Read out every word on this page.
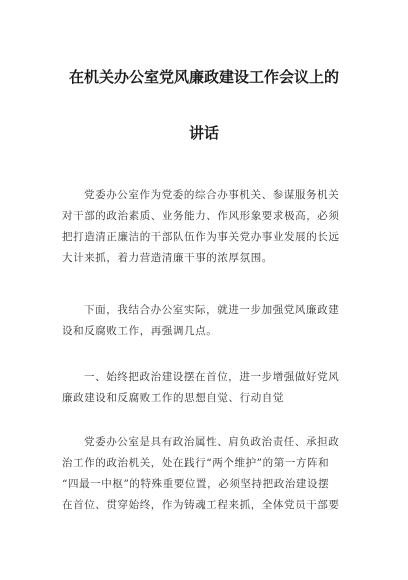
在机关办公室党风廉政建设工作会议上的
讲话
党委办公室作为党委的综合办事机关、参谋服务机关
对干部的政治素质、业务能力、作风形象要求极高，必须
把打造清正廉洁的干部队伍作为事关党办事业发展的长远
大计来抓，着力营造清廉干事的浓厚氛围。
下面，我结合办公室实际，就进一步加强党风廉政建
设和反腐败工作，再强调几点。
一、始终把政治建设摆在首位，进一步增强做好党风
廉政建设和反腐败工作的思想自觉、行动自觉
党委办公室是具有政治属性、肩负政治责任、承担政
治工作的政治机关，处在践行“两个维护”的第一方阵和
“四最一中枢”的特殊重要位置，必须坚持把政治建设摆
在首位、贯穿始终，作为铸魂工程来抓，全体党员干部要
